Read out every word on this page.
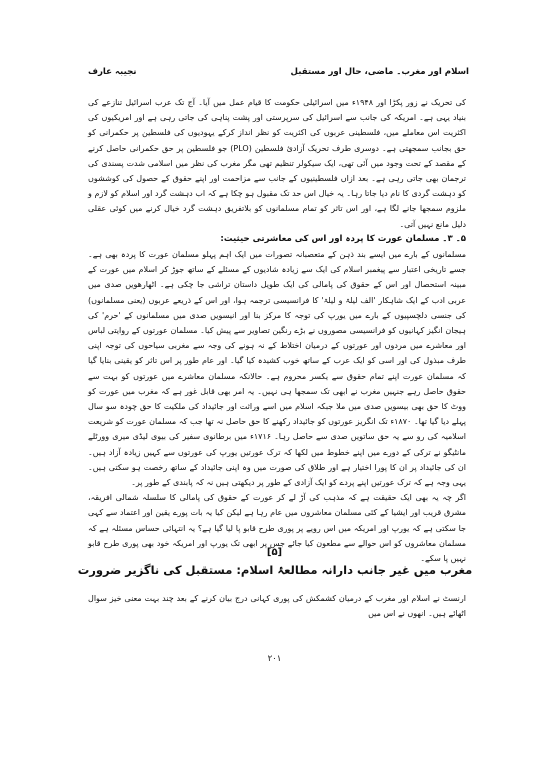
نجیبہ عارف	اسلام اور مغرب۔ ماضی، حال اور مستقبل

کی تحریک نے زور پکڑا اور ۱۹۴۸ء میں اسرائیلی حکومت کا قیام عمل میں آیا۔ آج تک عرب اسرائیل تنازعے کی بنیاد یہی ہے۔ امریکہ کی جانب سے اسرائیل کی سرپرستی اور پشت پناہی کی جاتی رہی ہے اور امریکیوں کی اکثریت اس معاملے میں، فلسطینی عربوں کی اکثریت کو نظر انداز کرکے یہودیوں کی فلسطین پر حکمرانی کو حق بجانب سمجھتی ہے۔ دوسری طرف تحریک آزادیٔ فلسطین (PLO) جو فلسطین پر حق حکمرانی حاصل کرنے کے مقصد کے تحت وجود میں آئی تھی، ایک سیکولر تنظیم تھی مگر مغرب کی نظر میں اسلامی شدت پسندی کی ترجمان بھی جاتی رہی ہے۔ بعد ازاں فلسطینیوں کے جانب سے مزاحمت اور اپنے حقوق کے حصول کی کوششوں کو دہشت گردی کا نام دیا جاتا رہا۔ یہ خیال اس حد تک مقبول ہو چکا ہے کہ اب دہشت گرد اور اسلام کو لازم و ملزوم سمجھا جانے لگا ہے، اور اس تاثر کو تمام مسلمانوں کو بلاتفریق دہشت گرد خیال کرنے میں کوئی عقلی دلیل مانع نہیں آتی۔

۵۔ ۳۔ مسلمان عورت کا پردہ اور اس کی معاشرتی حیثیت:

مسلمانوں کے بارے میں ایسے بند ذہن کے متعصبانہ تصورات میں ایک اہم پہلو مسلمان عورت کا پردہ بھی ہے۔ جسے تاریخی اعتبار سے پیغمبر اسلام کی ایک سے زیادہ شادیوں کے مسئلے کے ساتھ جوڑ کر اسلام میں عورت کے مبینہ استحصال اور اس کے حقوق کی پامالی کی ایک طویل داستان تراشی جا چکی ہے۔ اٹھارھویں صدی میں عربی ادب کے ایک شاہکار 'الف لیلۃ و لیلۃ' کا فرانسیسی ترجمہ ہوا، اور اس کے ذریعے عربوں (یعنی مسلمانوں) کی جنسی دلچسپیوں کے بارے میں یورپ کی توجہ کا مرکز بنا اور انیسویں صدی میں مسلمانوں کے 'حرم' کی ہیجان انگیز کہانیوں کو فرانسیسی مصوروں نے بڑے رنگین تصاویر سے پیش کیا۔ مسلمان عورتوں کے روایتی لباس اور معاشرے میں مردوں اور عورتوں کے درمیان اختلاط کے نہ ہونے کی وجہ سے مغربی سیاحوں کی توجہ اپنی طرف مبذول کی اور اسی کو ایک عرب کے ساتھ خوب کشیدہ کیا گیا۔ اور عام طور پر اس تاثر کو یقینی بنایا گیا کہ مسلمان عورت اپنے تمام حقوق سے یکسر محروم ہے۔ حالانکہ مسلمان معاشرے میں عورتوں کو بہت سے حقوق حاصل رہے جنہیں مغرب نے ابھی تک سمجھا ہی نہیں۔ یہ امر بھی قابل غور ہے کہ مغرب میں عورت کو ووٹ کا حق بھی بیسویں صدی میں ملا جبکہ اسلام میں اسے وراثت اور جائیداد کی ملکیت کا حق چودہ سو سال پہلے دیا گیا تھا۔ ۱۸۷۰ء تک انگریز عورتوں کو جائیداد رکھنے کا حق حاصل نہ تھا جب کہ مسلمان عورت کو شریعت اسلامیہ کی رو سے یہ حق ساتویں صدی سے حاصل رہا۔ ۱۷۱۶ء میں برطانوی سفیر کی بیوی لیڈی میری وورٹلے مانٹیگو نے ترکی کے دورے میں اپنے خطوط میں لکھا کہ ترک عورتیں یورپ کی عورتوں سے کہیں زیادہ آزاد ہیں۔ ان کی جائیداد پر ان کا پورا اختیار ہے اور طلاق کی صورت میں وہ اپنی جائیداد کے ساتھ رخصت ہو سکتی ہیں۔ یہی وجہ ہے کہ ترک عورتیں اپنے پردے کو ایک آزادی کے طور پر دیکھتی ہیں نہ کہ پابندی کے طور پر۔

اگر چہ یہ بھی ایک حقیقت ہے کہ مذہب کی آڑ لے کر عورت کے حقوق کی پامالی کا سلسلہ شمالی افریقہ، مشرق قریب اور ایشیا کے کئی مسلمان معاشروں میں عام رہا ہے لیکن کیا یہ بات پورے یقین اور اعتماد سے کہی جا سکتی ہے کہ یورپ اور امریکہ میں اس رویے پر پوری طرح قابو پا لیا گیا ہے؟ یہ انتہائی حساس مسئلہ ہے کہ مسلمان معاشروں کو اس حوالے سے مطعون کیا جائے جس پر ابھی تک یورپ اور امریکہ خود بھی پوری طرح قابو نہیں پا سکے۔

[۵]
مغرب میں غیر جانب دارانہ مطالعۂ اسلام: مستقبل کی ناگزیر ضرورت
ارنسٹ نے اسلام اور مغرب کے درمیان کشمکش کی پوری کہانی درج بیان کرنے کے بعد چند بہت معنی خیز سوال اٹھائے ہیں۔ انھوں نے اس میں
۲۰۱
